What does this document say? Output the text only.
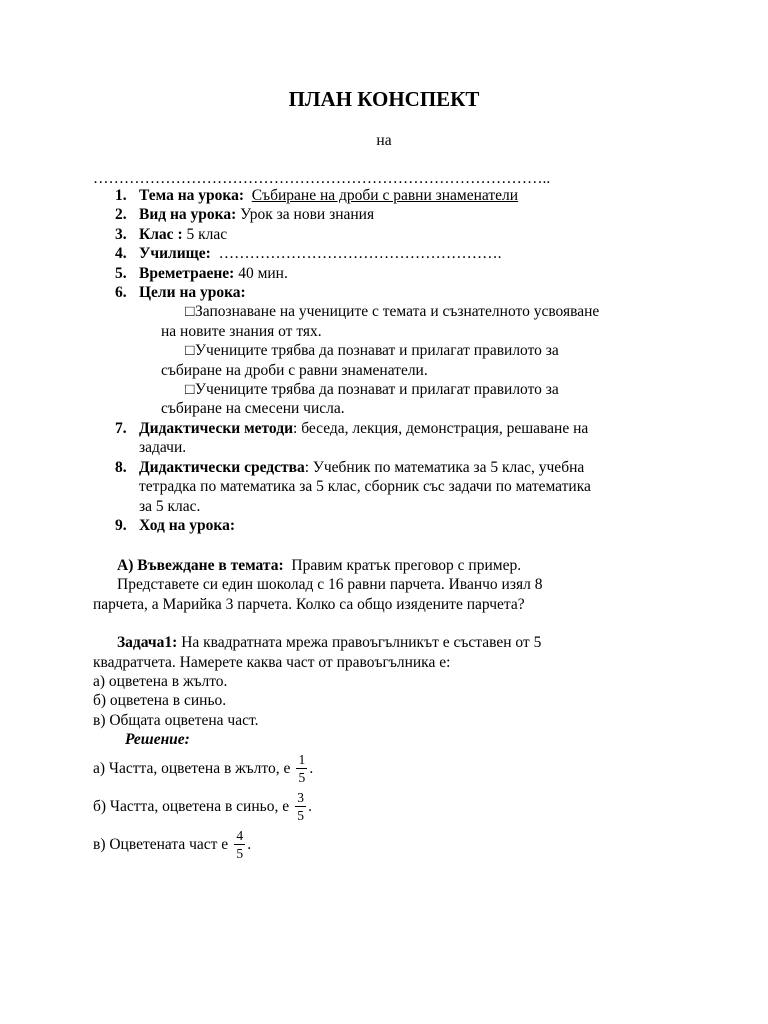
ПЛАН КОНСПЕКТ
на
……………………………………………………………………………..
1. Тема на урока: Събиране на дроби с равни знаменатели
2. Вид на урока: Урок за нови знания
3. Клас : 5 клас
4. Училище: ……………………………………………….
5. Времетраене: 40 мин.
6. Цели на урока:
□Запознаване на учениците с темата и съзнателното усвояване
на новите знания от тях.
□Учениците трябва да познават и прилагат правилото за
събиране на дроби с равни знаменатели.
□Учениците трябва да познават и прилагат правилото за
събиране на смесени числа.
7. Дидактически методи: беседа, лекция, демонстрация, решаване на
задачи.
8. Дидактически средства: Учебник по математика за 5 клас, учебна
тетрадка по математика за 5 клас, сборник със задачи по математика
за 5 клас.
9. Ход на урока:
А) Въвеждане в темата: Правим кратък преговор с пример.
Представете си един шоколад с 16 равни парчета. Иванчо изял 8
парчета, а Марийка 3 парчета. Колко са общо изядените парчета?
Задача1: На квадратната мрежа правоъгълникът е съставен от 5
квадратчета. Намерете каква част от правоъгълника е:
а) оцветена в жълто.
б) оцветена в синьо.
в) Общата оцветена част.
Решение:
а) Частта, оцветена в жълто, е $\frac{1}{5}$ .
б) Частта, оцветена в синьо, е $\frac{3}{5}$ .
в) Оцветената част е $\frac{4}{5}$ .
